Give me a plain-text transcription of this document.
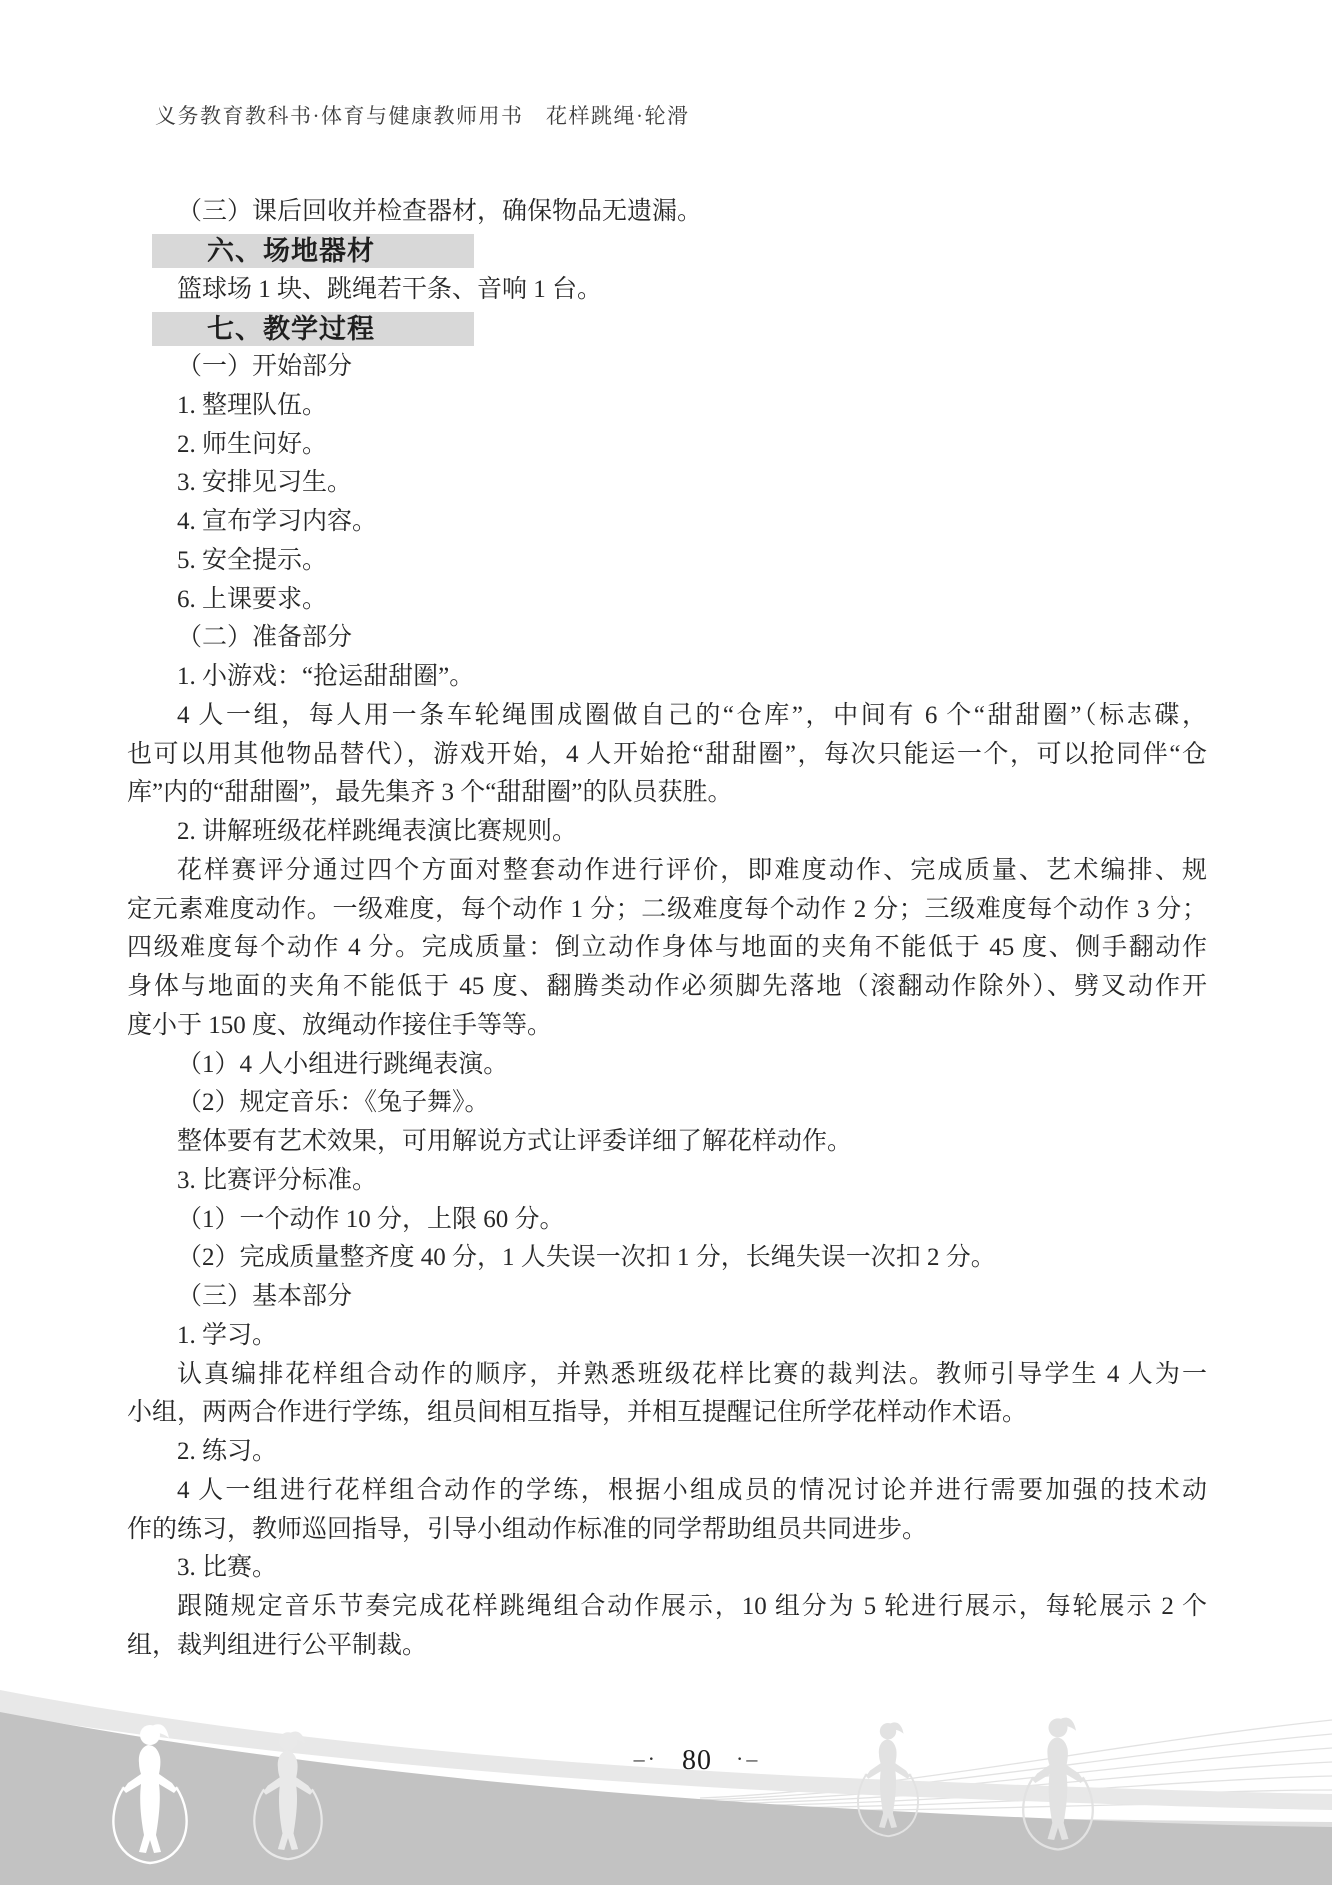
义务教育教科书·体育与健康教师用书　花样跳绳·轮滑
（三）课后回收并检查器材，确保物品无遗漏。
六、场地器材
篮球场 1 块、跳绳若干条、音响 1 台。
七、教学过程
（一）开始部分
1. 整理队伍。
2. 师生问好。
3. 安排见习生。
4. 宣布学习内容。
5. 安全提示。
6. 上课要求。
（二）准备部分
1. 小游戏：“抢运甜甜圈”。
4 人一组，每人用一条车轮绳围成圈做自己的“仓库”，中间有 6 个“甜甜圈”（标志碟，
也可以用其他物品替代），游戏开始，4 人开始抢“甜甜圈”，每次只能运一个，可以抢同伴“仓
库”内的“甜甜圈”，最先集齐 3 个“甜甜圈”的队员获胜。
2. 讲解班级花样跳绳表演比赛规则。
花样赛评分通过四个方面对整套动作进行评价，即难度动作、完成质量、艺术编排、规
定元素难度动作。一级难度，每个动作 1 分；二级难度每个动作 2 分；三级难度每个动作 3 分；
四级难度每个动作 4 分。完成质量：倒立动作身体与地面的夹角不能低于 45 度、侧手翻动作
身体与地面的夹角不能低于 45 度、翻腾类动作必须脚先落地（滚翻动作除外）、劈叉动作开
度小于 150 度、放绳动作接住手等等。
（1）4 人小组进行跳绳表演。
（2）规定音乐：《兔子舞》。
整体要有艺术效果，可用解说方式让评委详细了解花样动作。
3. 比赛评分标准。
（1）一个动作 10 分，上限 60 分。
（2）完成质量整齐度 40 分，1 人失误一次扣 1 分，长绳失误一次扣 2 分。
（三）基本部分
1. 学习。
认真编排花样组合动作的顺序，并熟悉班级花样比赛的裁判法。教师引导学生 4 人为一
小组，两两合作进行学练，组员间相互指导，并相互提醒记住所学花样动作术语。
2. 练习。
4 人一组进行花样组合动作的学练，根据小组成员的情况讨论并进行需要加强的技术动
作的练习，教师巡回指导，引导小组动作标准的同学帮助组员共同进步。
3. 比赛。
跟随规定音乐节奏完成花样跳绳组合动作展示，10 组分为 5 轮进行展示，每轮展示 2 个
组，裁判组进行公平制裁。
–· 80 ·–
